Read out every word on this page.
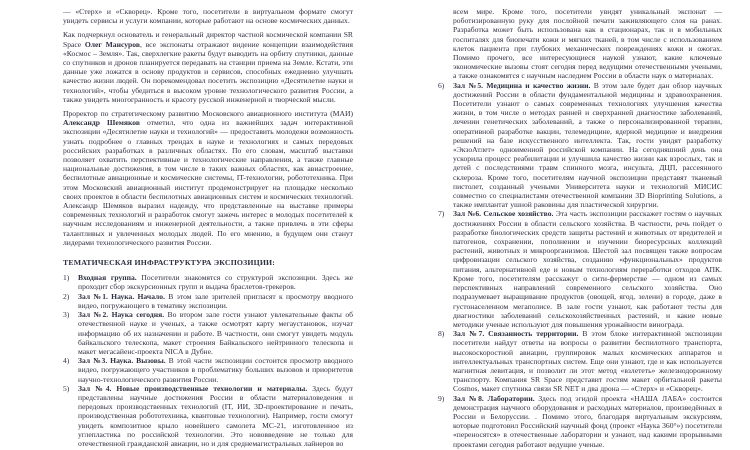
— «Стерх» и «Скворец». Кроме того, посетители в виртуальном формате смогут увидеть сервисы и услуги компании, которые работают на основе космических данных.
Как подчеркнул основатель и генеральный директор частной космической компании SR Space Олег Мансуров, все экспонаты отражают видение концепции взаимодействия «Космос – Земля». Так, сверхлегкие ракеты будут выводить на орбиту спутники, данные со спутников и дронов планируется передавать на станции приема на Земле. Кстати, эти данные уже ложатся в основу продуктов и сервисов, способных ежедневно улучшать качество жизни людей. Он порекомендовал посетить экспозицию «Десятилетие науки и технологий», чтобы убедиться в высоком уровне технологического развития России, а также увидеть многогранность и красоту русской инженерной и творческой мысли.
Проректор по стратегическому развитию Московского авиационного института (МАИ) Александр Шемяков отметил, что одна из важнейших задач интерактивной экспозиции «Десятилетие науки и технологий» — предоставить молодежи возможность узнать подробнее о главных трендах в науке и технологиях и самых передовых российских разработках в различных областях. По его словам, масштаб выставки позволяет охватить перспективные и технологические направления, а также главные национальные достижения, в том числе в таких важных областях, как авиастроение, беспилотные авиационные и космические системы, IT-технологии, робототехника. При этом Московский авиационный институт продемонстрирует на площадке несколько своих проектов в области беспилотных авиационных систем и космических технологий. Александр Шемяков выразил надежду, что представленные на выставке примеры современных технологий и разработок смогут зажечь интерес в молодых посетителей к научным исследованиям и инженерной деятельности, а также привлечь в эти сферы талантливых и увлеченных молодых людей. По его мнению, в будущем они станут лидерами технологического развития России.
ТЕМАТИЧЕСКАЯ ИНФРАСТРУКТУРА ЭКСПОЗИЦИИ:
1) Входная группа. Посетители знакомятся со структурой экспозиции. Здесь же проходит сбор экскурсионных групп и выдача браслетов-трекеров.
2) Зал №1. Наука. Начало. В этом зале зрителей пригласят к просмотру вводного видео, погружающего в тематику экспозиции.
3) Зал №2. Наука сегодня. Во втором зале гости узнают увлекательные факты об отечественной науке и ученых, а также осмотрят карту мегаустановок, изучат информацию об их назначении и работе. В частности, они смогут увидеть модуль байкальского телескопа, макет строения Байкальского нейтринного телескопа и макет мегасайенс-проекта NICA в Дубне.
4) Зал №3. Наука. Вызовы. В этой части экспозиции состоится просмотр вводного видео, погружающего участников в проблематику больших вызовов и приоритетов научно-технологического развития России.
5) Зал №4. Новые производственные технологии и материалы. Здесь будут представлены научные достижения России в области материаловедения и передовых производственных технологий (IT, ИИ, 3D-проектирование и печать, производственная робототехника, квантовые технологии). Например, гости смогут увидеть композитное крыло новейшего самолета МС-21, изготовленное из углепластика по российской технологии. Это нововведение не только для отечественной гражданской авиации, но и для среднемагистральных лайнеров во
всем мире. Кроме того, посетители увидят уникальный экспонат — роботизированную руку для послойной печати заживляющего слоя на ранах. Разработка может быть использована как в стационарах, так и в мобильных госпиталях для биопечати кожи и мягких тканей, в том числе с использованием клеток пациента при глубоких механических повреждениях кожи и ожогах. Помимо прочего, все интересующиеся наукой узнают, какие ключевые экономические вызовы стоят сегодня перед ведущими отечественными учеными, а также ознакомятся с научным наследием России в области наук о материалах.
6) Зал №5. Медицина и качество жизни. В этом зале будет дан обзор научных достижений России в области фундаментальной медицины и здравоохранения. Посетители узнают о самых современных технологиях улучшения качества жизни, в том числе о методах ранней и сверхранней диагностике заболеваний, лечении генетических заболеваний, а также о персонализированной терапии, оперативной разработке вакцин, телемедицине, ядерной медицине и внедрения решений на базе искусственного интеллекта. Так, гости увидят разработку «ЭкзоАтлет» одноименной российской компании. На сегодняшний день она ускорила процесс реабилитации и улучшила качество жизни как взрослых, так и детей с последствиями травм спинного мозга, инсульта, ДЦП, рассеянного склероза. Кроме того, посетителям научной экспозиции представят тканевый пистолет, созданный учеными Университета науки и технологий МИСИС совместно со специалистами отечественной компании 3D Bioprinting Solutions, а также имплантат ушной раковины для пластической хирургии.
7) Зал №6. Сельское хозяйство. Эта часть экспозиции расскажет гостям о научных достижениях России в области сельского хозяйства. В частности, речь пойдет о разработке биологических средств защиты растений и животных от вредителей и патогенов, сохранении, пополнении и изучении биоресурсных коллекций растений, животных и микроорганизмов. Шестой зал посвящен также вопросам цифровизации сельского хозяйства, созданию «функциональных» продуктов питания, альтернативной еде и новым технологиям переработки отходов АПК. Кроме того, посетителям расскажут о сити-фермерстве — одном из самых перспективных направлений современного сельского хозяйства. Оно подразумевает выращивание продуктов (овощей, ягод, зелени) в городе, даже в густонаселенном мегаполисе. В зале гости узнают, как работают тесты для диагностики заболеваний сельскохозяйственных растений, и какие новые методики ученые используют для повышения урожайности винограда.
8) Зал №7. Связанность территории. В этом блоке интерактивной экспозиции посетители найдут ответы на вопросы о развитии беспилотного транспорта, высокоскоростной авиации, группировок малых космических аппаратов и интеллектуальных транспортных систем. Еще они узнают, где и как используется магнитная левитация, и позволит ли этот метод «взлететь» железнодорожному транспорту. Компания SR Space представит гостям макет орбитальной ракеты Cosmos, макет спутника связи SR NET и два дрона — «Стерх» и «Скворец».
9) Зал №8. Лаборатории. Здесь под эгидой проекта «НАША ЛАБА» состоится демонстрация научного оборудования и расходных материалов, произведённых в России и Белоруссии. . Помимо этого, благодаря виртуальным экскурсиям, которые подготовил Российский научный фонд (проект «Наука 360°») посетители «переносятся» в отечественные лаборатории и узнают, над какими прорывными проектами сегодня работают ведущие ученые.
